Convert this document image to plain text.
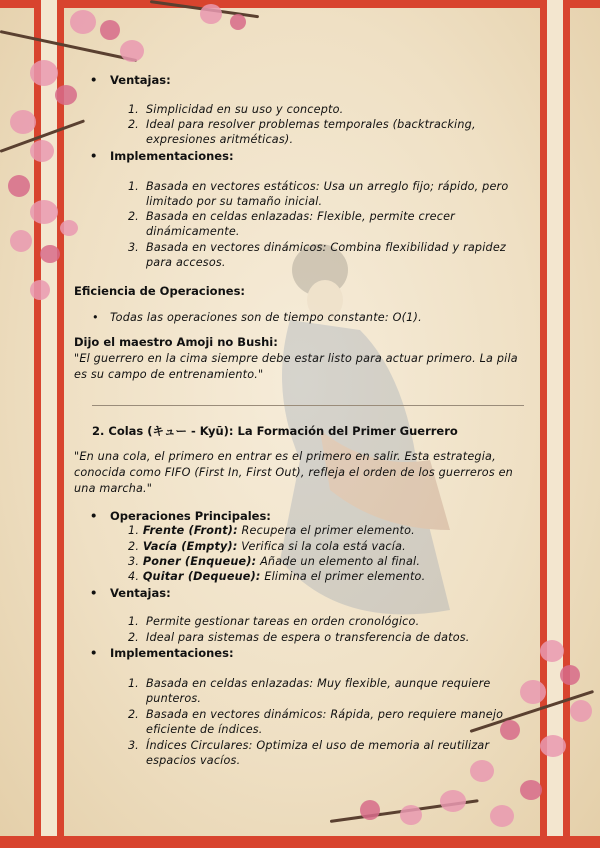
• Ventajas:
1. Simplicidad en su uso y concepto.
2. Ideal para resolver problemas temporales (backtracking,
expresiones aritméticas).
• Implementaciones:
1. Basada en vectores estáticos: Usa un arreglo fijo; rápido, pero
limitado por su tamaño inicial.
2. Basada en celdas enlazadas: Flexible, permite crecer
dinámicamente.
3. Basada en vectores dinámicos: Combina flexibilidad y rapidez
para accesos.
Eficiencia de Operaciones:
• Todas las operaciones son de tiempo constante: O(1).
Dijo el maestro Amoji no Bushi:
"El guerrero en la cima siempre debe estar listo para actuar primero. La pila
es su campo de entrenamiento."
2. Colas (キュー - Kyū): La Formación del Primer Guerrero
"En una cola, el primero en entrar es el primero en salir. Esta estrategia,
conocida como FIFO (First In, First Out), refleja el orden de los guerreros en
una marcha."
• Operaciones Principales:
1. Frente (Front): Recupera el primer elemento.
2. Vacía (Empty): Verifica si la cola está vacía.
3. Poner (Enqueue): Añade un elemento al final.
4. Quitar (Dequeue): Elimina el primer elemento.
• Ventajas:
1. Permite gestionar tareas en orden cronológico.
2. Ideal para sistemas de espera o transferencia de datos.
• Implementaciones:
1. Basada en celdas enlazadas: Muy flexible, aunque requiere
punteros.
2. Basada en vectores dinámicos: Rápida, pero requiere manejo
eficiente de índices.
3. Índices Circulares: Optimiza el uso de memoria al reutilizar
espacios vacíos.
